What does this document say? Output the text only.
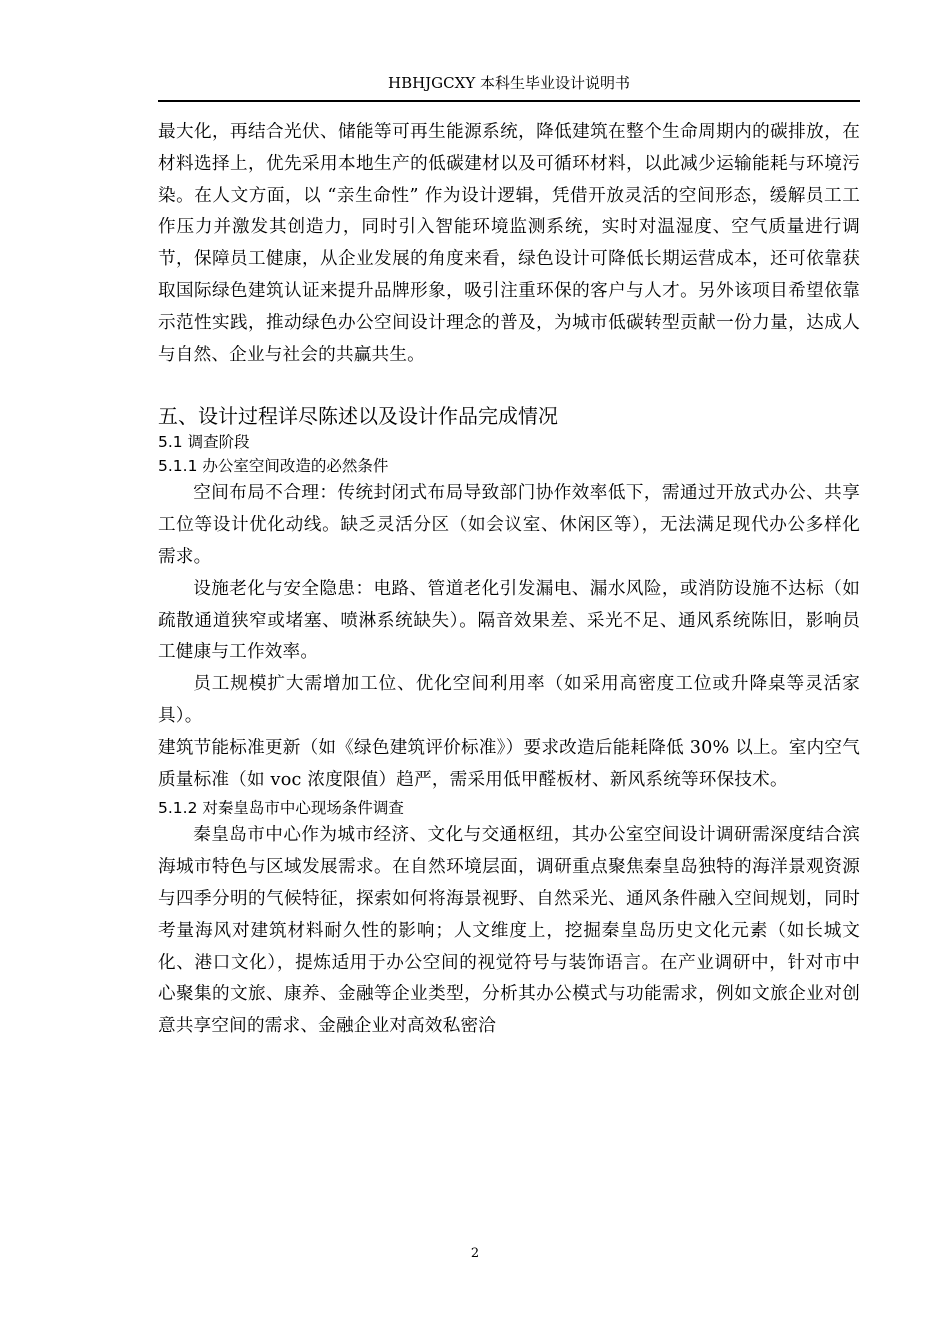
HBHJGCXY 本科生毕业设计说明书

最大化，再结合光伏、储能等可再生能源系统，降低建筑在整个生命周期内的碳排放，在材料选择上，优先采用本地生产的低碳建材以及可循环材料，以此减少运输能耗与环境污染。在人文方面，以 “亲生命性” 作为设计逻辑，凭借开放灵活的空间形态，缓解员工工作压力并激发其创造力，同时引入智能环境监测系统，实时对温湿度、空气质量进行调节，保障员工健康，从企业发展的角度来看，绿色设计可降低长期运营成本，还可依靠获取国际绿色建筑认证来提升品牌形象，吸引注重环保的客户与人才。另外该项目希望依靠示范性实践，推动绿色办公空间设计理念的普及，为城市低碳转型贡献一份力量，达成人与自然、企业与社会的共赢共生。

五、设计过程详尽陈述以及设计作品完成情况
5.1 调查阶段
5.1.1 办公室空间改造的必然条件

空间布局不合理：传统封闭式布局导致部门协作效率低下，需通过开放式办公、共享工位等设计优化动线。缺乏灵活分区（如会议室、休闲区等），无法满足现代办公多样化需求。

设施老化与安全隐患：电路、管道老化引发漏电、漏水风险，或消防设施不达标（如疏散通道狭窄或堵塞、喷淋系统缺失）。隔音效果差、采光不足、通风系统陈旧，影响员工健康与工作效率。

员工规模扩大需增加工位、优化空间利用率（如采用高密度工位或升降桌等灵活家具）。

建筑节能标准更新（如《绿色建筑评价标准》）要求改造后能耗降低 30% 以上。室内空气质量标准（如 voc 浓度限值）趋严，需采用低甲醛板材、新风系统等环保技术。

5.1.2 对秦皇岛市中心现场条件调查

秦皇岛市中心作为城市经济、文化与交通枢纽，其办公室空间设计调研需深度结合滨海城市特色与区域发展需求。在自然环境层面，调研重点聚焦秦皇岛独特的海洋景观资源与四季分明的气候特征，探索如何将海景视野、自然采光、通风条件融入空间规划，同时考量海风对建筑材料耐久性的影响；人文维度上，挖掘秦皇岛历史文化元素（如长城文化、港口文化），提炼适用于办公空间的视觉符号与装饰语言。在产业调研中，针对市中心聚集的文旅、康养、金融等企业类型，分析其办公模式与功能需求，例如文旅企业对创意共享空间的需求、金融企业对高效私密洽

2
